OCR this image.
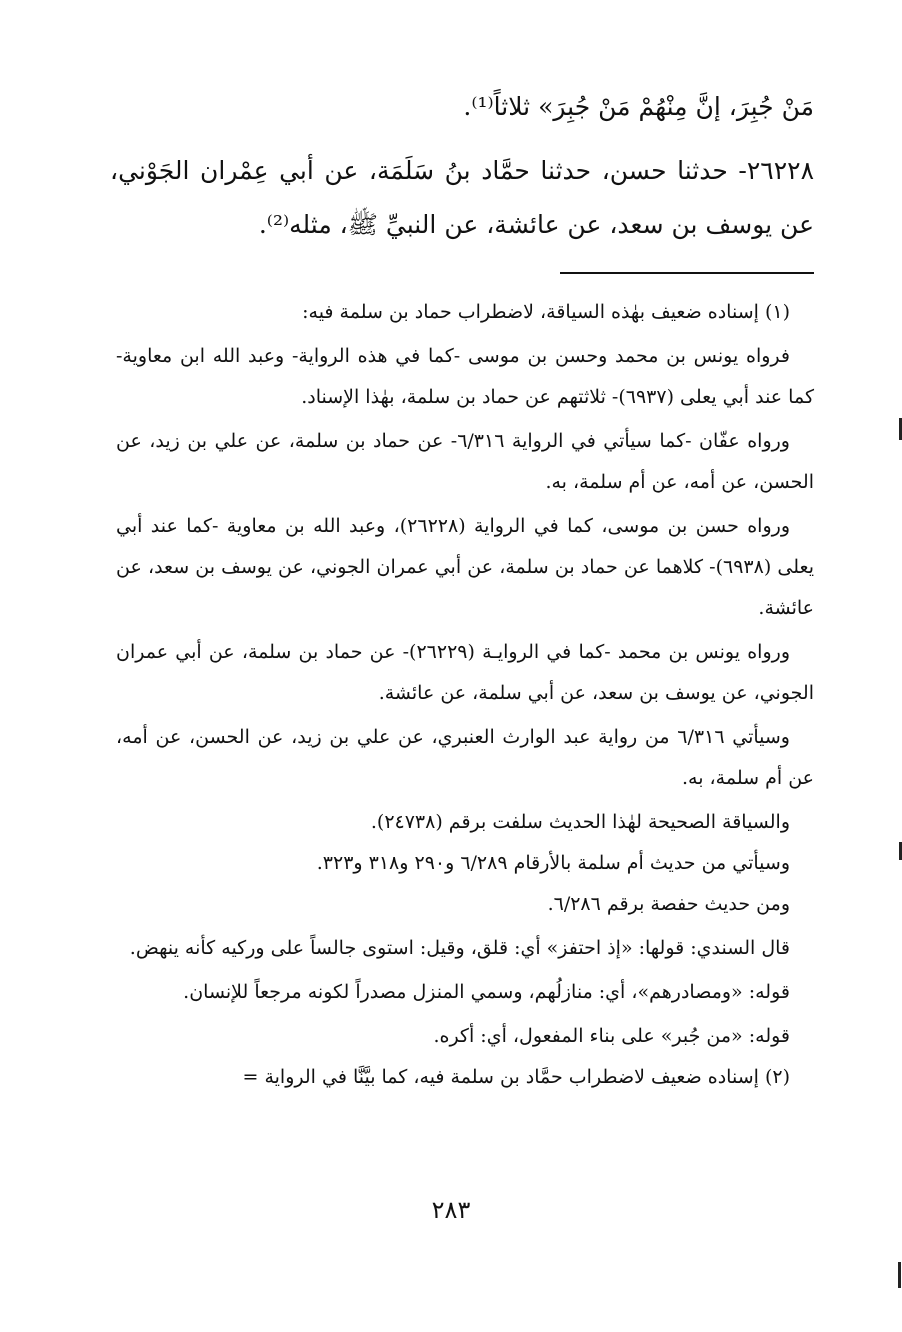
مَنْ جُبِرَ، إنَّ مِنْهُمْ مَنْ جُبِرَ» ثلاثاً⁽¹⁾.

٢٦٢٢٨- حدثنا حسن، حدثنا حمَّاد بنُ سَلَمَة، عن أبي عِمْران الجَوْني، عن يوسف بن سعد، عن عائشة، عن النبيِّ ﷺ، مثله⁽²⁾.

(١) إسناده ضعيف بهٰذه السياقة، لاضطراب حماد بن سلمة فيه:

فرواه يونس بن محمد وحسن بن موسى -كما في هذه الرواية- وعبد الله ابن معاوية- كما عند أبي يعلى (٦٩٣٧)- ثلاثتهم عن حماد بن سلمة، بهٰذا الإسناد.

ورواه عفّان -كما سيأتي في الرواية ٦/٣١٦- عن حماد بن سلمة، عن علي بن زيد، عن الحسن، عن أمه، عن أم سلمة، به.

ورواه حسن بن موسى، كما في الرواية (٢٦٢٢٨)، وعبد الله بن معاوية -كما عند أبي يعلى (٦٩٣٨)- كلاهما عن حماد بن سلمة، عن أبي عمران الجوني، عن يوسف بن سعد، عن عائشة.

ورواه يونس بن محمد -كما في الروايـة (٢٦٢٢٩)- عن حماد بن سلمة، عن أبي عمران الجوني، عن يوسف بن سعد، عن أبي سلمة، عن عائشة.

وسيأتي ٦/٣١٦ من رواية عبد الوارث العنبري، عن علي بن زيد، عن الحسن، عن أمه، عن أم سلمة، به.

والسياقة الصحيحة لهٰذا الحديث سلفت برقم (٢٤٧٣٨).

وسيأتي من حديث أم سلمة بالأرقام ٦/٢٨٩ و٢٩٠ و٣١٨ و٣٢٣.

ومن حديث حفصة برقم ٦/٢٨٦.

قال السندي: قولها: «إذ احتفز» أي: قلق، وقيل: استوى جالساً على وركيه كأنه ينهض.

قوله: «ومصادرهم»، أي: منازلُهم، وسمي المنزل مصدراً لكونه مرجعاً للإنسان.

قوله: «من جُبر» على بناء المفعول، أي: أكره.

(٢) إسناده ضعيف لاضطراب حمَّاد بن سلمة فيه، كما بيَّنَّا في الرواية =

٢٨٣
